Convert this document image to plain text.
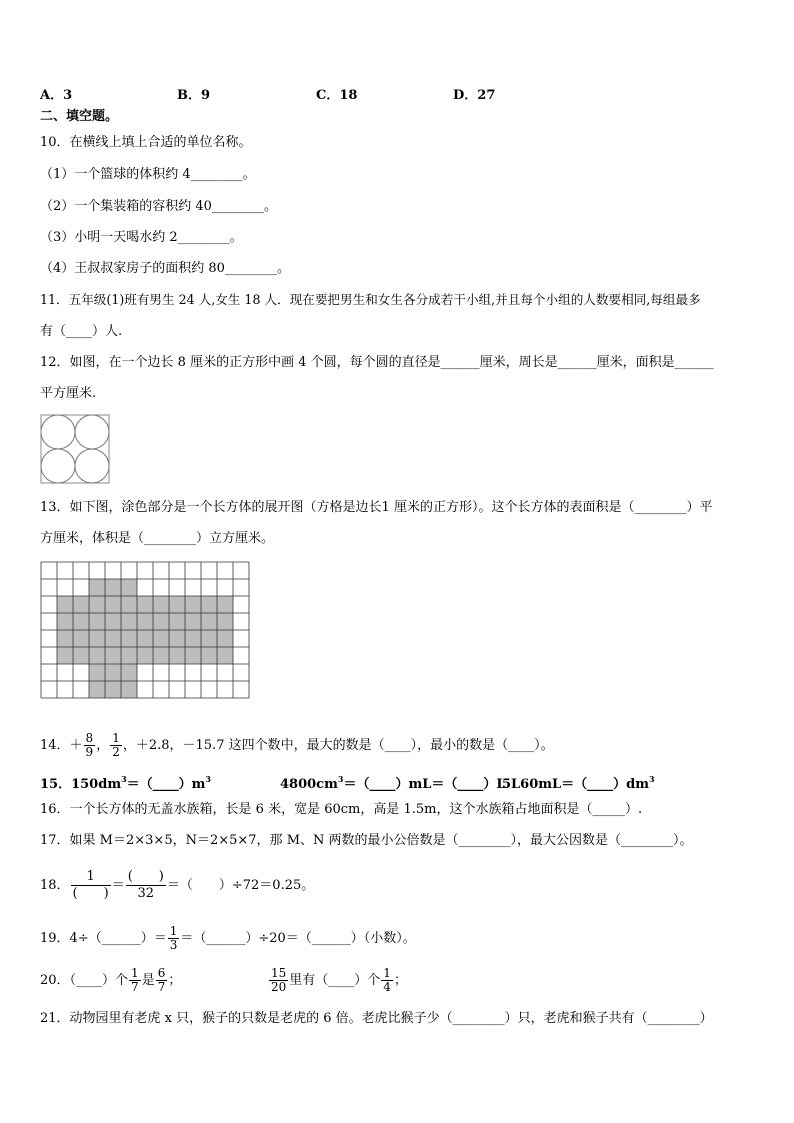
A．3	B．9	C．18	D．27
二、填空题。
10．在横线上填上合适的单位名称。
（1）一个篮球的体积约 4________。
（2）一个集装箱的容积约 40________。
（3）小明一天喝水约 2________。
（4）王叔叔家房子的面积约 80________。
11．五年级(1)班有男生 24 人,女生 18 人．现在要把男生和女生各分成若干小组,并且每个小组的人数要相同,每组最多
有（____）人.
12．如图，在一个边长 8 厘米的正方形中画 4 个圆，每个圆的直径是______厘米，周长是______厘米，面积是______
平方厘米.
13．如下图，涂色部分是一个长方体的展开图（方格是边长1 厘米的正方形）。这个长方体的表面积是（________）平
方厘米，体积是（________）立方厘米。
14．＋ $\frac{8}{9}$ ， $\frac{1}{2}$ ，＋2.8，－15.7 这四个数中，最大的数是（____），最小的数是（____）。
15．$150dm^3=(\_\_\_\_)m^3$	$4800cm^3=(\_\_\_\_)mL=(\_\_\_\_)L$
$5L60mL=(\_\_\_\_)dm^3$
16．一个长方体的无盖水族箱，长是 6 米，宽是 60cm，高是 1.5m，这个水族箱占地面积是（_____）.
17．如果 M＝2×3×5，N＝2×5×7，那 M、N 两数的最小公倍数是（________），最大公因数是（________）。
18． $\frac{1}{( )} = \frac{( )}{32}$ ＝（　　）÷72＝0.25。
19．4÷（______）＝ $\frac{1}{3}$ ＝（______）÷20＝（______）（小数）。
20．（____）个 $\frac{1}{7}$ 是 $\frac{6}{7}$ ；	$\frac{15}{20}$ 里有（____）个 $\frac{1}{4}$ ；
21．动物园里有老虎 x 只，猴子的只数是老虎的 6 倍。老虎比猴子少（________）只，老虎和猴子共有（________）
